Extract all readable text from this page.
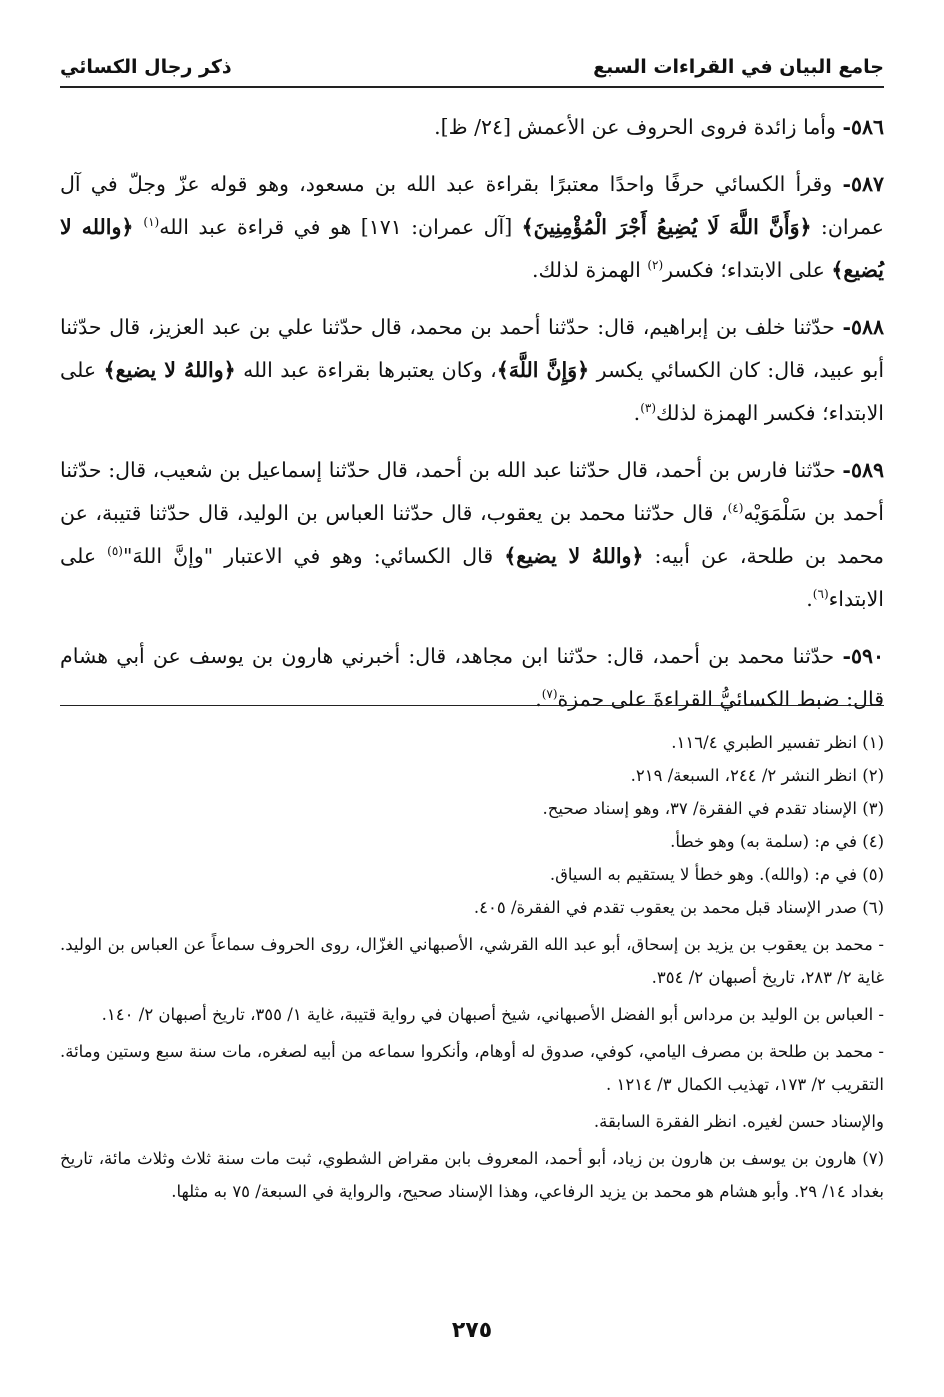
جامع البيان في القراءات السبع
ذكر رجال الكسائي

٥٨٦- وأما زائدة فروى الحروف عن الأعمش [٢٤/ ظ].

٥٨٧- وقرأ الكسائي حرفًا واحدًا معتبرًا بقراءة عبد الله بن مسعود، وهو قوله عزّ وجلّ في آل عمران: ﴿وَأَنَّ اللَّهَ لَا يُضِيعُ أَجْرَ الْمُؤْمِنِينَ﴾ [آل عمران: ١٧١] هو في قراءة عبد الله$^{(١)}$ ﴿والله لا يُضيع﴾ على الابتداء؛ فكسر$^{(٢)}$ الهمزة لذلك.

٥٨٨- حدّثنا خلف بن إبراهيم، قال: حدّثنا أحمد بن محمد، قال حدّثنا علي بن عبد العزيز، قال حدّثنا أبو عبيد، قال: كان الكسائي يكسر ﴿وَإِنَّ اللَّهَ﴾، وكان يعتبرها بقراءة عبد الله ﴿واللهُ لا يضيع﴾ على الابتداء؛ فكسر الهمزة لذلك$^{(٣)}$.

٥٨٩- حدّثنا فارس بن أحمد، قال حدّثنا عبد الله بن أحمد، قال حدّثنا إسماعيل بن شعيب، قال: حدّثنا أحمد بن سَلْمَوَيْه$^{(٤)}$، قال حدّثنا محمد بن يعقوب، قال حدّثنا العباس بن الوليد، قال حدّثنا قتيبة، عن محمد بن طلحة، عن أبيه: ﴿واللهُ لا يضيع﴾ قال الكسائي: وهو في الاعتبار "وإنَّ اللهَ"$^{(٥)}$ على الابتداء$^{(٦)}$.

٥٩٠- حدّثنا محمد بن أحمد، قال: حدّثنا ابن مجاهد، قال: أخبرني هارون بن يوسف عن أبي هشام قال: ضبط الكسائيُّ القراءةَ على حمزة$^{(٧)}$.

(١) انظر تفسير الطبري ١١٦/٤.

(٢) انظر النشر ٢/ ٢٤٤، السبعة/ ٢١٩.

(٣) الإسناد تقدم في الفقرة/ ٣٧، وهو إسناد صحيح.

(٤) في م: (سلمة به) وهو خطأ.

(٥) في م: (والله). وهو خطأ لا يستقيم به السياق.

(٦) صدر الإسناد قبل محمد بن يعقوب تقدم في الفقرة/ ٤٠٥.

- محمد بن يعقوب بن يزيد بن إسحاق، أبو عبد الله القرشي، الأصبهاني الغزّال، روى الحروف سماعاً عن العباس بن الوليد. غاية ٢/ ٢٨٣، تاريخ أصبهان ٢/ ٣٥٤.

- العباس بن الوليد بن مرداس أبو الفضل الأصبهاني، شيخ أصبهان في رواية قتيبة، غاية ١/ ٣٥٥، تاريخ أصبهان ٢/ ١٤٠.

- محمد بن طلحة بن مصرف اليامي، كوفي، صدوق له أوهام، وأنكروا سماعه من أبيه لصغره، مات سنة سبع وستين ومائة. التقريب ٢/ ١٧٣، تهذيب الكمال ٣/ ١٢١٤ .

والإسناد حسن لغيره. انظر الفقرة السابقة.

(٧) هارون بن يوسف بن هارون بن زياد، أبو أحمد، المعروف بابن مقراض الشطوي، ثبت مات سنة ثلاث وثلاث مائة، تاريخ بغداد ١٤/ ٢٩. وأبو هشام هو محمد بن يزيد الرفاعي، وهذا الإسناد صحيح، والرواية في السبعة/ ٧٥ به مثلها.

٢٧٥
